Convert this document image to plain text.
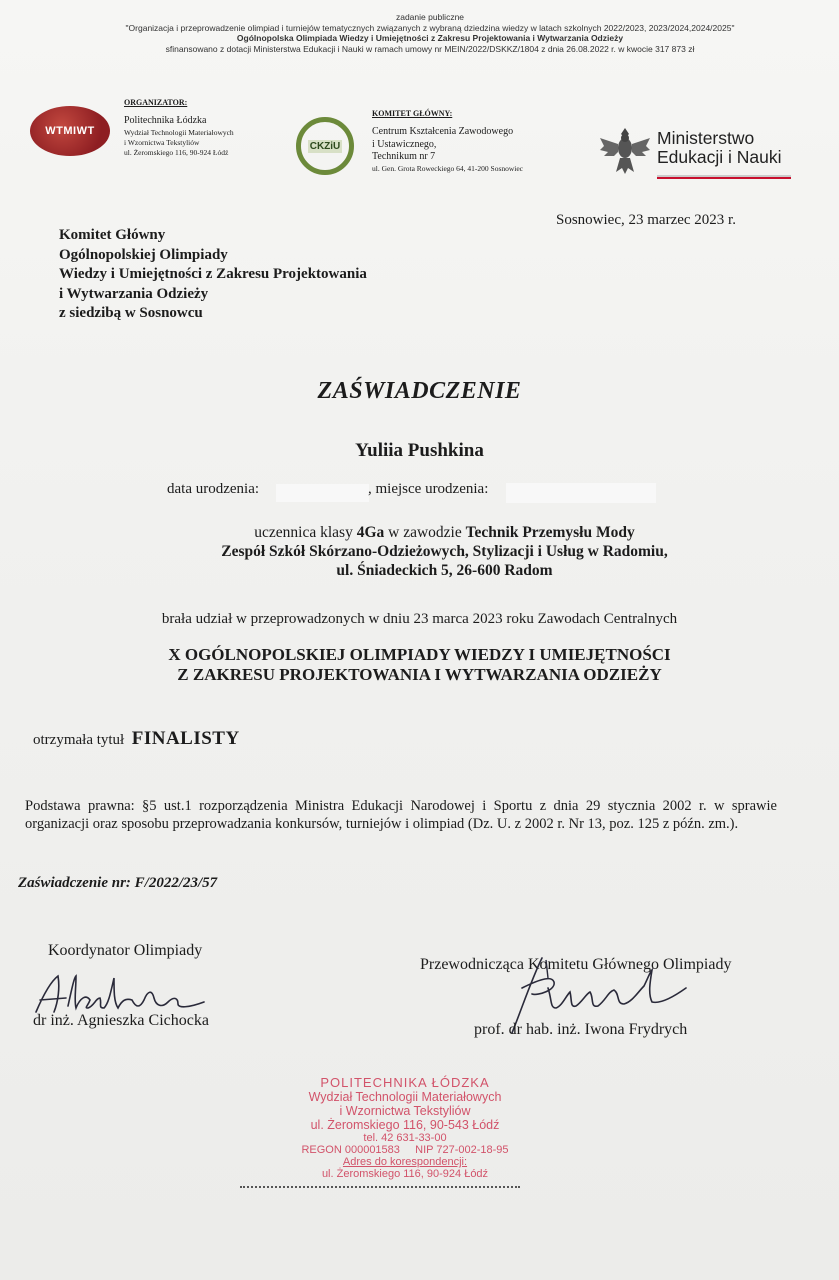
zadanie publiczne
"Organizacja i przeprowadzenie olimpiad i turniejów tematycznych związanych z wybraną dziedzina wiedzy w latach szkolnych 2022/2023, 2023/2024,2024/2025"
Ogólnopolska Olimpiada Wiedzy i Umiejętności z Zakresu Projektowania i Wytwarzania Odzieży
sfinansowano z dotacji Ministerstwa Edukacji i Nauki w ramach umowy nr MEIN/2022/DSKKZ/1804 z dnia 26.08.2022 r. w kwocie 317 873 zł
WTMIWT
ORGANIZATOR:
Politechnika Łódzka
Wydział Technologii Materiałowych
i Wzornictwa Tekstyliów
ul. Żeromskiego 116, 90-924 Łódź
CKZiU
KOMITET GŁÓWNY:
Centrum Kształcenia Zawodowego
i Ustawicznego,
Technikum nr 7
ul. Gen. Grota Roweckiego 64, 41-200 Sosnowiec
Ministerstwo
Edukacji i Nauki
Sosnowiec, 23 marzec 2023 r.
Komitet Główny
Ogólnopolskiej Olimpiady
Wiedzy i Umiejętności z Zakresu Projektowania
i Wytwarzania Odzieży
z siedzibą w Sosnowcu
ZAŚWIADCZENIE
Yuliia Pushkina
data urodzenia:	, miejsce urodzenia:
uczennica klasy 4Ga w zawodzie Technik Przemysłu Mody
Zespół Szkół Skórzano-Odzieżowych, Stylizacji i Usług w Radomiu,
ul. Śniadeckich 5, 26-600 Radom
brała udział w przeprowadzonych w dniu 23 marca 2023 roku Zawodach Centralnych
X OGÓLNOPOLSKIEJ OLIMPIADY WIEDZY I UMIEJĘTNOŚCI
Z ZAKRESU PROJEKTOWANIA I WYTWARZANIA ODZIEŻY
otrzymała tytuł FINALISTY
Podstawa prawna: §5 ust.1 rozporządzenia Ministra Edukacji Narodowej i Sportu z dnia 29 stycznia 2002 r. w sprawie organizacji oraz sposobu przeprowadzania konkursów, turniejów i olimpiad (Dz. U. z 2002 r. Nr 13, poz. 125 z późn. zm.).
Zaświadczenie nr: F/2022/23/57
Koordynator Olimpiady
dr inż. Agnieszka Cichocka
Przewodnicząca Komitetu Głównego Olimpiady
prof. dr hab. inż. Iwona Frydrych
POLITECHNIKA ŁÓDZKA
Wydział Technologii Materiałowych
i Wzornictwa Tekstyliów
ul. Żeromskiego 116, 90-543 Łódź
tel. 42 631-33-00
REGON 000001583     NIP 727-002-18-95
Adres do korespondencji:
ul. Żeromskiego 116, 90-924 Łódź
